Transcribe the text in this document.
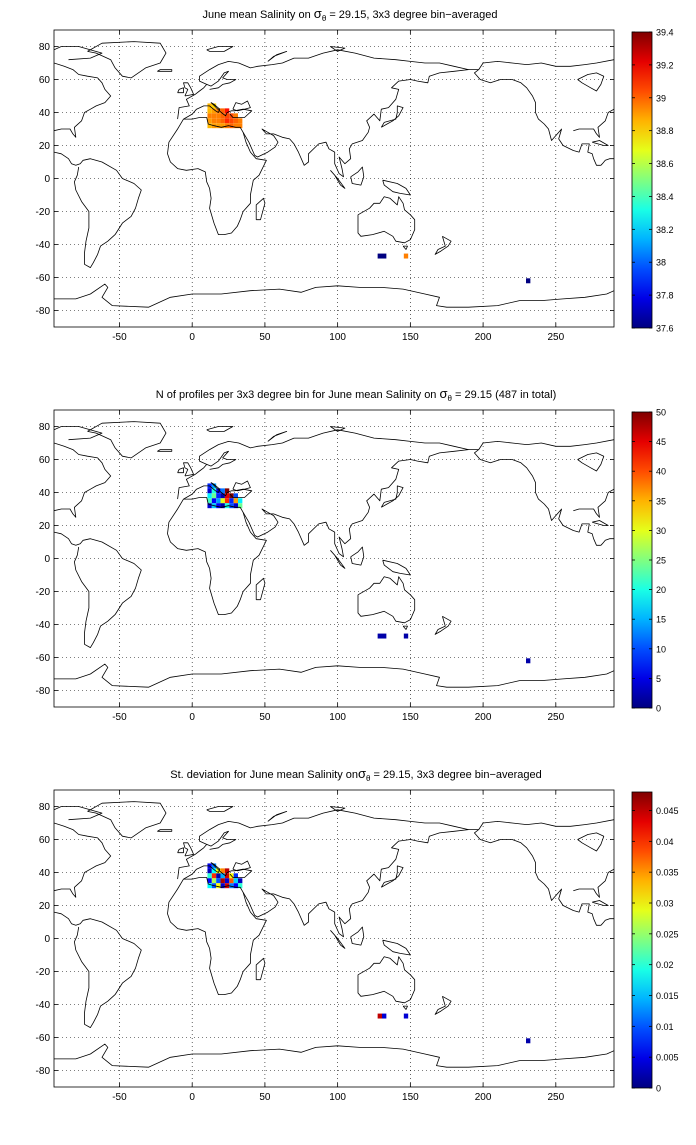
June mean Salinity on $\sigma_\theta = 29.15$, 3x3 degree bin−averaged
-50	0	50	100	150	200	250
80
60
40
20
0
-20
-40
-60
-80
39.4
39.2
39
38.8
38.6
38.4
38.2
38
37.8
37.6
N of profiles per 3x3 degree bin for June mean Salinity on $\sigma_\theta = 29.15$ (487 in total)
-50	0	50	100	150	200	250
80
60
40
20
0
-20
-40
-60
-80
50
45
40
35
30
25
20
15
10
5
0
St. deviation for June mean Salinity onσ$_\theta$ = 29.15, 3x3 degree bin−averaged
-50	0	50	100	150	200	250
80
60
40
20
0
-20
-40
-60
-80
0.045
0.04
0.035
0.03
0.025
0.02
0.015
0.01
0.005
0
